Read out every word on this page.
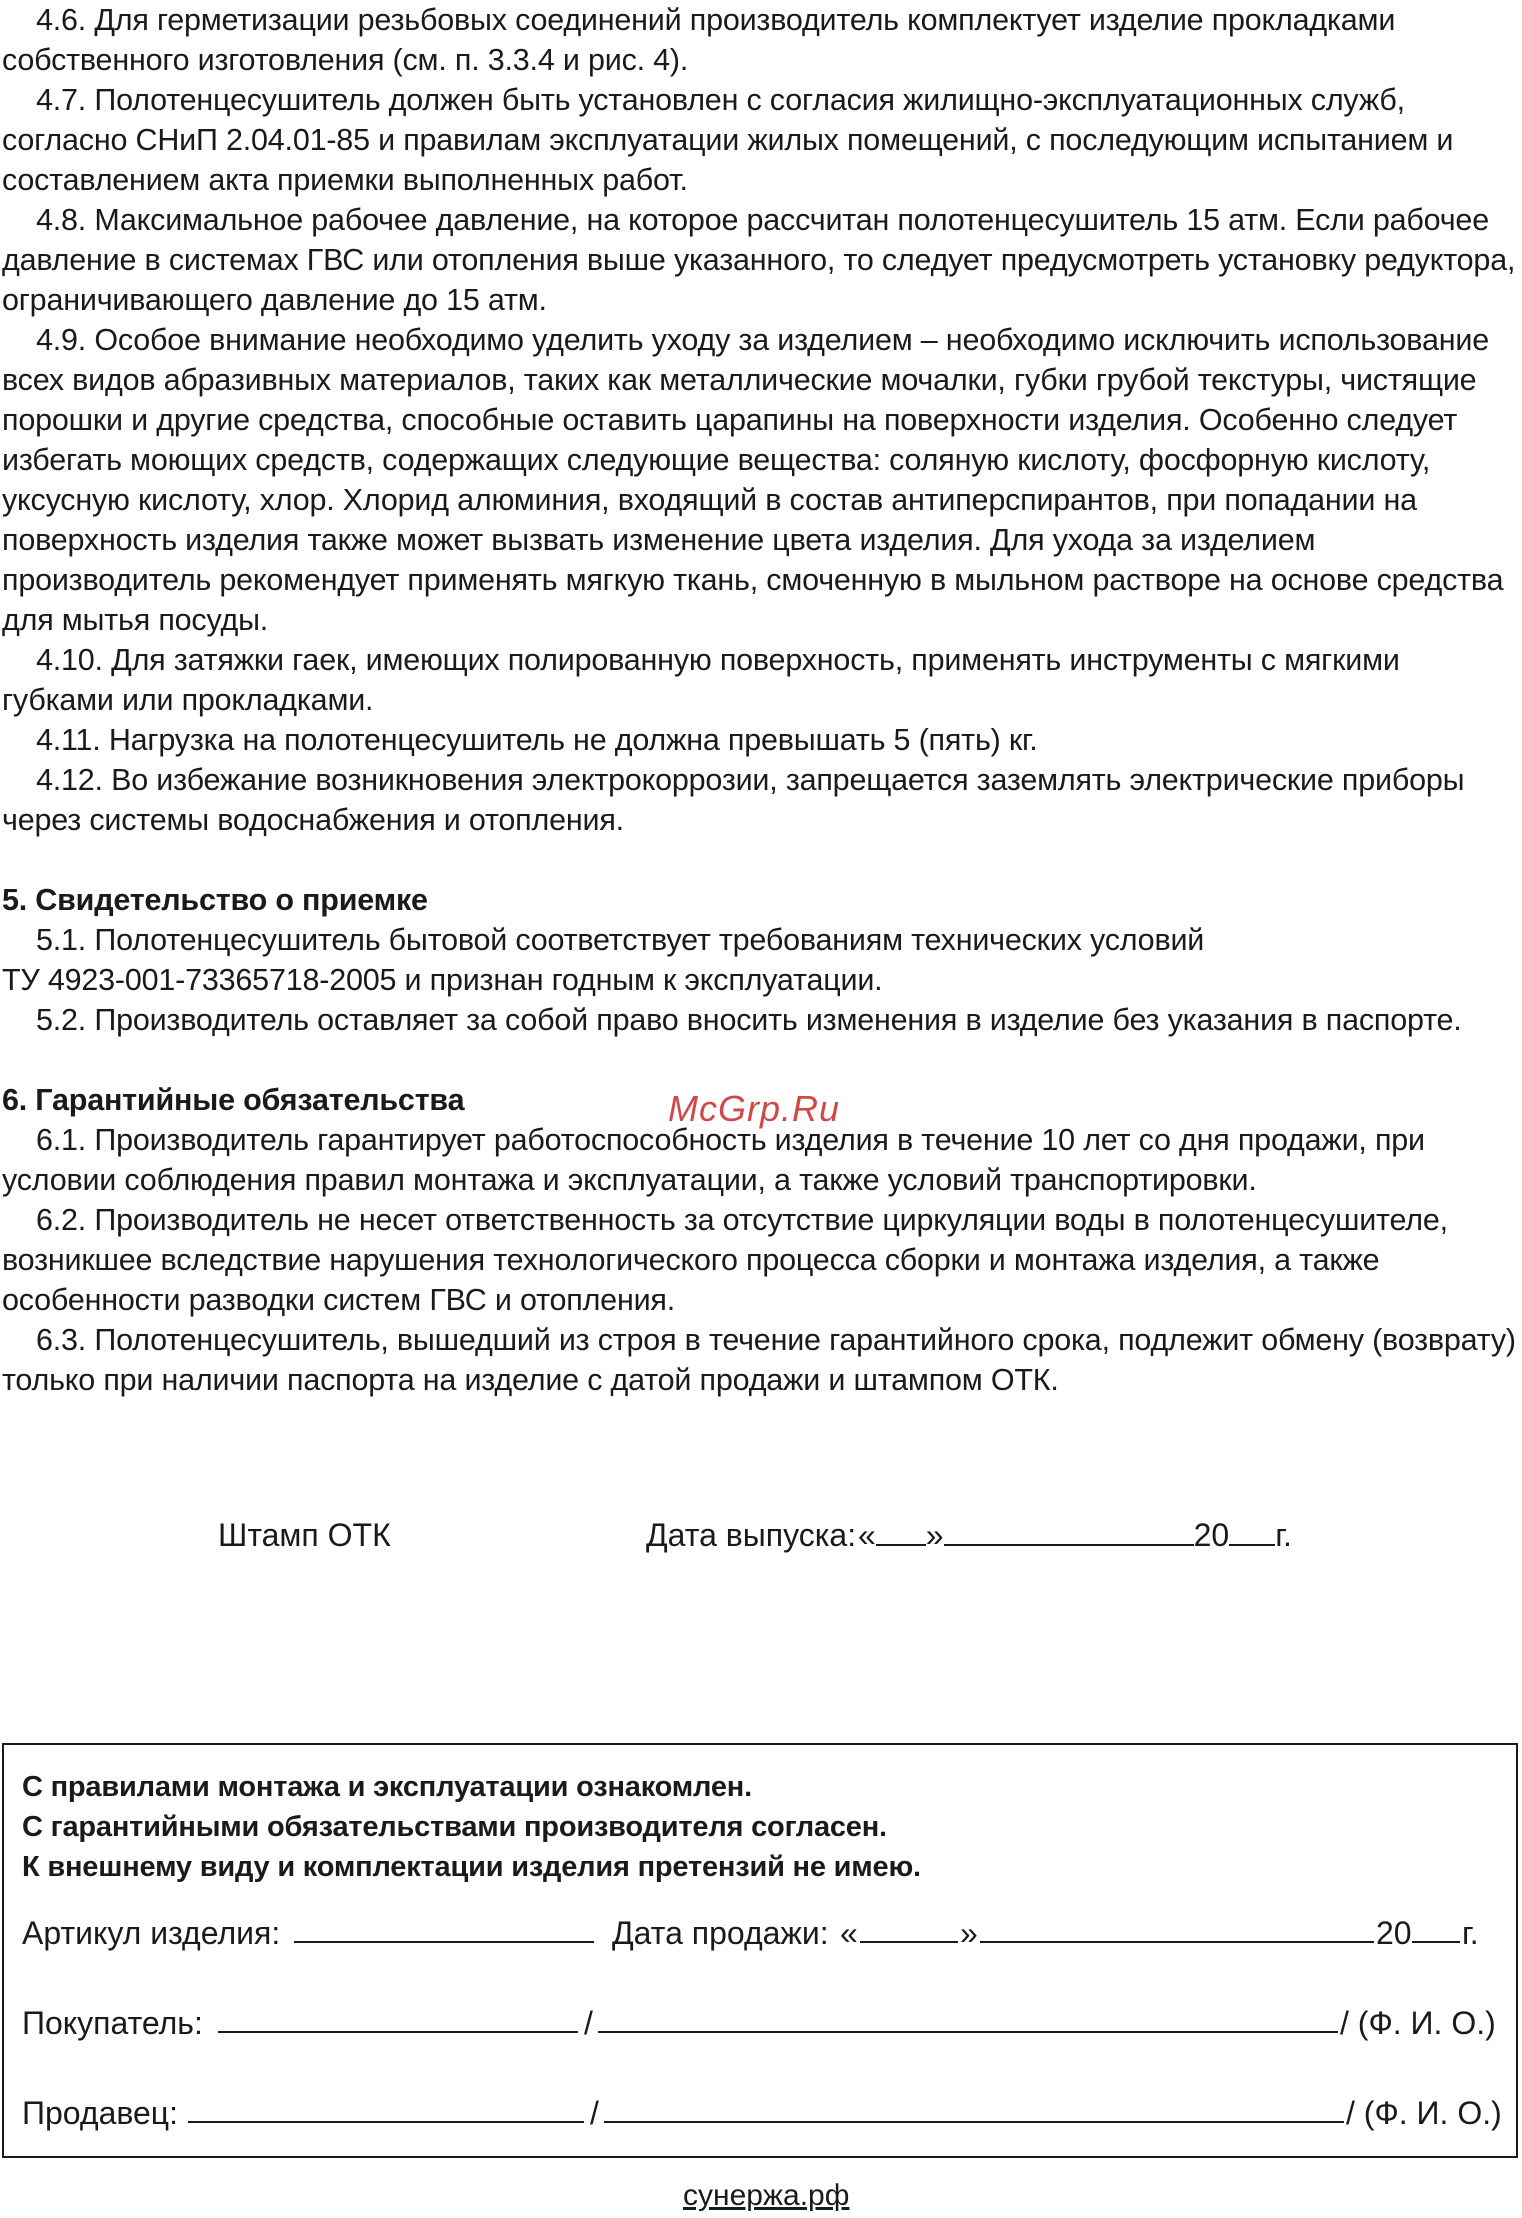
4.6. Для герметизации резьбовых соединений производитель комплектует изделие прокладками собственного изготовления (см. п. 3.3.4 и рис. 4).

4.7. Полотенцесушитель должен быть установлен с согласия жилищно-эксплуатационных служб, согласно СНиП 2.04.01-85 и правилам эксплуатации жилых помещений, с последующим испытанием и составлением акта приемки выполненных работ.

4.8. Максимальное рабочее давление, на которое рассчитан полотенцесушитель 15 атм. Если рабочее давление в системах ГВС или отопления выше указанного, то следует предусмотреть установку редуктора, ограничивающего давление до 15 атм.

4.9. Особое внимание необходимо уделить уходу за изделием – необходимо исключить использование всех видов абразивных материалов, таких как металлические мочалки, губки грубой текстуры, чистящие порошки и другие средства, способные оставить царапины на поверхности изделия. Особенно следует избегать моющих средств, содержащих следующие вещества: соляную кислоту, фосфорную кислоту, уксусную кислоту, хлор. Хлорид алюминия, входящий в состав антиперспирантов, при попадании на поверхность изделия также может вызвать изменение цвета изделия. Для ухода за изделием производитель рекомендует применять мягкую ткань, смоченную в мыльном растворе на основе средства для мытья посуды.

4.10. Для затяжки гаек, имеющих полированную поверхность, применять инструменты с мягкими губками или прокладками.

4.11. Нагрузка на полотенцесушитель не должна превышать 5 (пять) кг.

4.12. Во избежание возникновения электрокоррозии, запрещается заземлять электрические приборы через системы водоснабжения и отопления.

5. Свидетельство о приемке

5.1. Полотенцесушитель бытовой соответствует требованиям технических условий

ТУ 4923-001-73365718-2005 и признан годным к эксплуатации.

5.2. Производитель оставляет за собой право вносить изменения в изделие без указания в паспорте.

6. Гарантийные обязательства

6.1. Производитель гарантирует работоспособность изделия в течение 10 лет со дня продажи, при условии соблюдения правил монтажа и эксплуатации, а также условий транспортировки.

6.2. Производитель не несет ответственность за отсутствие циркуляции воды в полотенцесушителе, возникшее вследствие нарушения технологического процесса сборки и монтажа изделия, а также особенности разводки систем ГВС и отопления.

6.3. Полотенцесушитель, вышедший из строя в течение гарантийного срока, подлежит обмену (возврату) только при наличии паспорта на изделие с датой продажи и штампом ОТК.

McGrp.Ru
Штамп ОТК	Дата выпуска: « »	20 г.

С правилами монтажа и эксплуатации ознакомлен.

С гарантийными обязательствами производителя согласен.

К внешнему виду и комплектации изделия претензий не имею.

Артикул изделия:	Дата продажи: «	»	20 г.
Покупатель:	/	/ (Ф. И. О.)
Продавец:	/	/ (Ф. И. О.)
сунержа.рф
